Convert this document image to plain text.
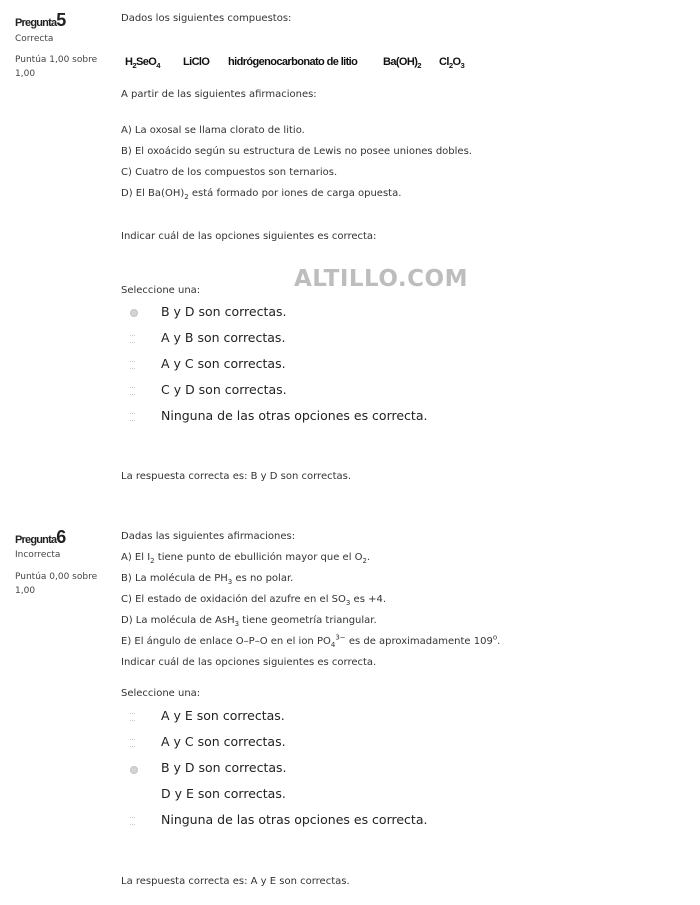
ALTILLO.COM
Pregunta5
Correcta
Puntúa 1,00 sobre
1,00
Dados los siguientes compuestos:
$H_2SeO_4$ LiClO hidrógenocarbonato de litio $Ba(OH)_2$ $Cl_2O_3$
A partir de las siguientes afirmaciones:
A) La oxosal se llama clorato de litio.
B) El oxoácido según su estructura de Lewis no posee uniones dobles.
C) Cuatro de los compuestos son ternarios.
D) El $Ba(OH)_2$ está formado por iones de carga opuesta.
Indicar cuál de las opciones siguientes es correcta:
Seleccione una:
B y D son correctas.
A y B son correctas.
A y C son correctas.
C y D son correctas.
Ninguna de las otras opciones es correcta.
La respuesta correcta es: B y D son correctas.
Pregunta6
Incorrecta
Puntúa 0,00 sobre
1,00
Dadas las siguientes afirmaciones:
A) El $I_2$ tiene punto de ebullición mayor que el $O_2$.
B) La molécula de $PH_3$ es no polar.
C) El estado de oxidación del azufre en el $SO_3$ es +4.
D) La molécula de AsH$_3$ tiene geometría triangular.
E) El ángulo de enlace O–P–O en el ion $PO_4^{3-}$ es de aproximadamente 109$^o$.
Indicar cuál de las opciones siguientes es correcta.
Seleccione una:
A y E son correctas.
A y C son correctas.
B y D son correctas.
D y E son correctas.
Ninguna de las otras opciones es correcta.
La respuesta correcta es: A y E son correctas.
